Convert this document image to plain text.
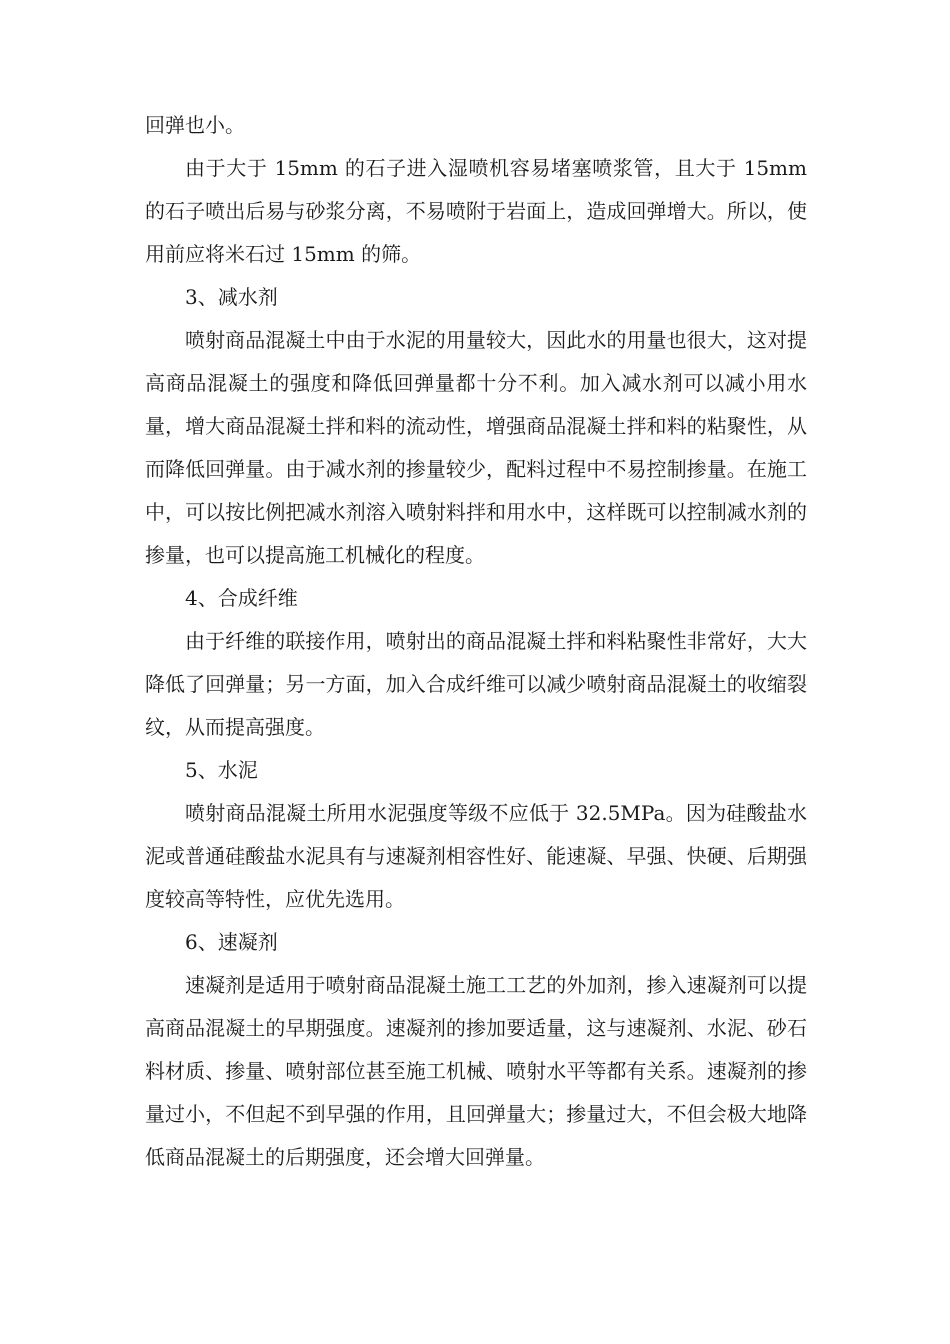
回弹也小。

由于大于 15mm 的石子进入湿喷机容易堵塞喷浆管，且大于 15mm 的石子喷出后易与砂浆分离，不易喷附于岩面上，造成回弹增大。所以，使用前应将米石过 15mm 的筛。

3、减水剂

喷射商品混凝土中由于水泥的用量较大，因此水的用量也很大，这对提高商品混凝土的强度和降低回弹量都十分不利。加入减水剂可以减小用水量，增大商品混凝土拌和料的流动性，增强商品混凝土拌和料的粘聚性，从而降低回弹量。由于减水剂的掺量较少，配料过程中不易控制掺量。在施工中，可以按比例把减水剂溶入喷射料拌和用水中，这样既可以控制减水剂的掺量，也可以提高施工机械化的程度。

4、合成纤维

由于纤维的联接作用，喷射出的商品混凝土拌和料粘聚性非常好，大大降低了回弹量；另一方面，加入合成纤维可以减少喷射商品混凝土的收缩裂纹，从而提高强度。

5、水泥

喷射商品混凝土所用水泥强度等级不应低于 32.5MPa。因为硅酸盐水泥或普通硅酸盐水泥具有与速凝剂相容性好、能速凝、早强、快硬、后期强度较高等特性，应优先选用。

6、速凝剂

速凝剂是适用于喷射商品混凝土施工工艺的外加剂，掺入速凝剂可以提高商品混凝土的早期强度。速凝剂的掺加要适量，这与速凝剂、水泥、砂石料材质、掺量、喷射部位甚至施工机械、喷射水平等都有关系。速凝剂的掺量过小，不但起不到早强的作用，且回弹量大；掺量过大，不但会极大地降低商品混凝土的后期强度，还会增大回弹量。
